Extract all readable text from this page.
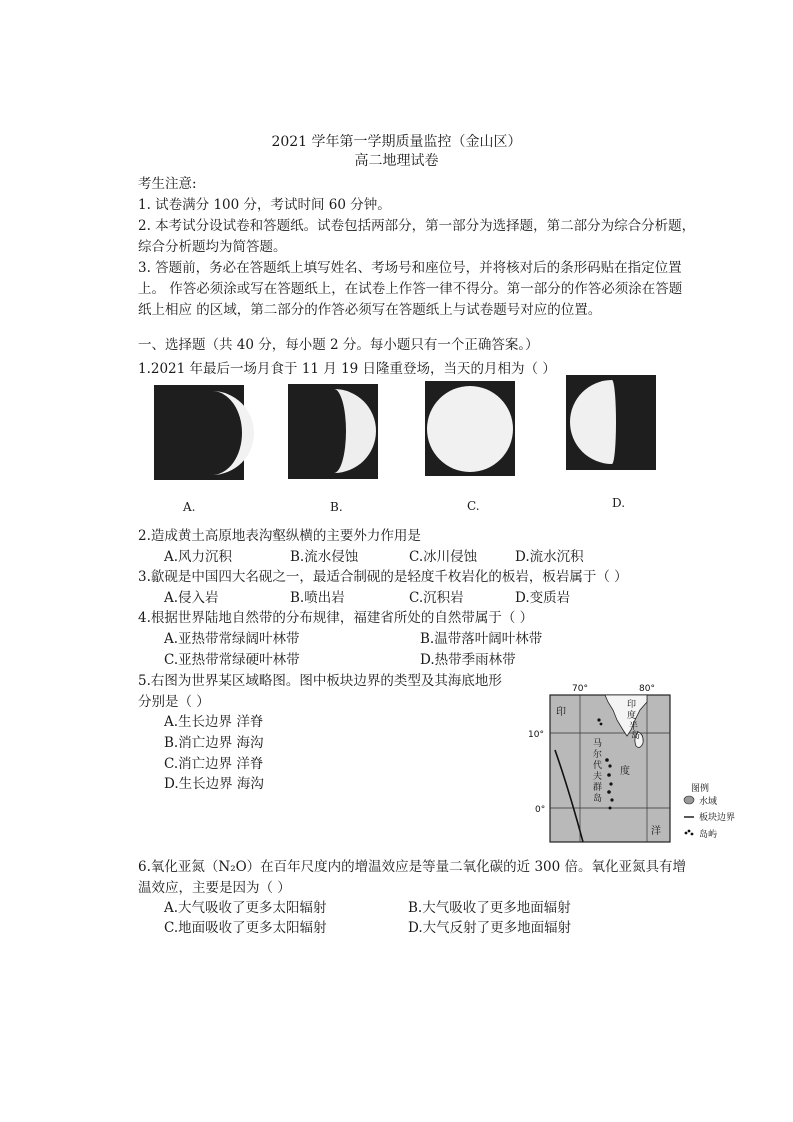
2021 学年第一学期质量监控（金山区）
高二地理试卷
考生注意:
1. 试卷满分 100 分，考试时间 60 分钟。
2. 本考试分设试卷和答题纸。试卷包括两部分，第一部分为选择题，第二部分为综合分析题，
综合分析题均为简答题。
3. 答题前，务必在答题纸上填写姓名、考场号和座位号，并将核对后的条形码贴在指定位置
上。 作答必须涂或写在答题纸上，在试卷上作答一律不得分。第一部分的作答必须涂在答题
纸上相应 的区域，第二部分的作答必须写在答题纸上与试卷题号对应的位置。
一、选择题（共 40 分，每小题 2 分。每小题只有一个正确答案。）
1.2021 年最后一场月食于 11 月 19 日隆重登场，当天的月相为（ ）
A.	B.	C.	D.
2.造成黄土高原地表沟壑纵横的主要外力作用是
A.风力沉积	B.流水侵蚀	C.冰川侵蚀	D.流水沉积
3.歙砚是中国四大名砚之一，最适合制砚的是轻度千枚岩化的板岩，板岩属于（ ）
A.侵入岩	B.喷出岩	C.沉积岩	D.变质岩
4.根据世界陆地自然带的分布规律，福建省所处的自然带属于（ ）
A.亚热带常绿阔叶林带	B.温带落叶阔叶林带
C.亚热带常绿硬叶林带	D.热带季雨林带
5.右图为世界某区域略图。图中板块边界的类型及其海底地形
分别是（ ）
A.生长边界 洋脊
B.消亡边界 海沟
C.消亡边界 洋脊
D.生长边界 海沟
70°	80°
10°
0°
印
印
度
半
岛
马
尔
代
夫
群
岛
度
洋
图例
水域
板块边界
岛屿
6.氧化亚氮（N₂O）在百年尺度内的增温效应是等量二氧化碳的近 300 倍。氧化亚氮具有增
温效应，主要是因为（ ）
A.大气吸收了更多太阳辐射	B.大气吸收了更多地面辐射
C.地面吸收了更多太阳辐射	D.大气反射了更多地面辐射
